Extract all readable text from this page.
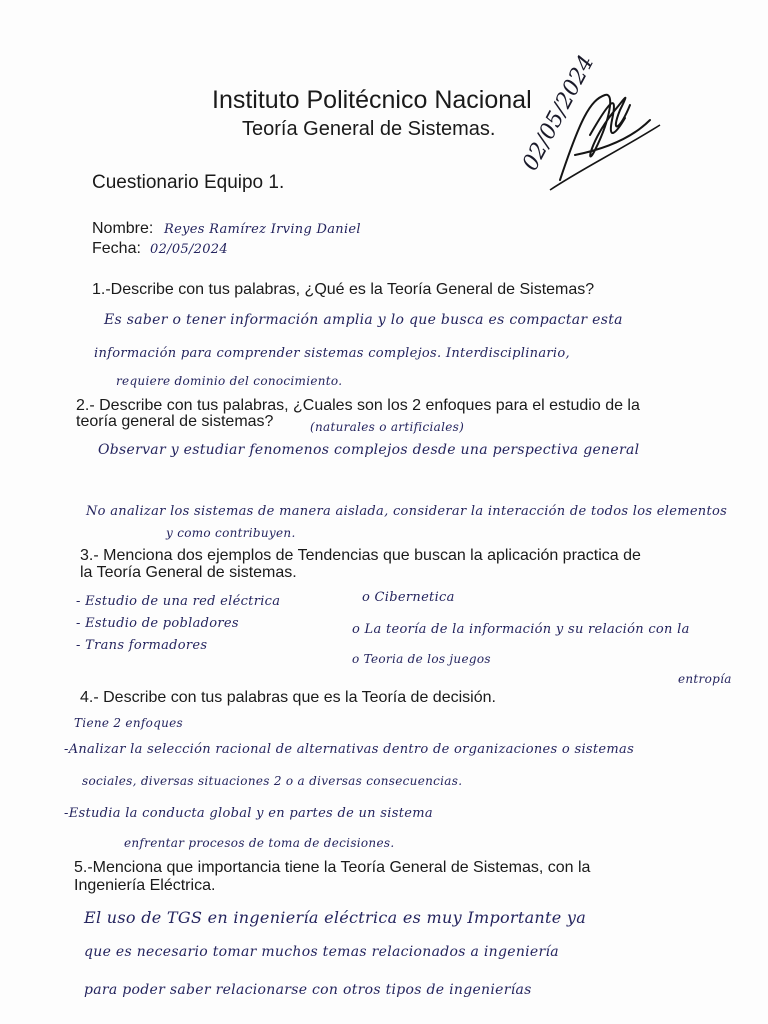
Instituto Politécnico Nacional
Teoría General de Sistemas.
Cuestionario Equipo 1.
02/05/2024
Nombre: Reyes Ramírez Irving Daniel
Fecha: 02/05/2024
1.-Describe con tus palabras, ¿Qué es la Teoría General de Sistemas?
Es saber o tener información amplia y lo que busca es compactar esta
información para comprender sistemas complejos. Interdisciplinario,
requiere dominio del conocimiento.
2.- Describe con tus palabras, ¿Cuales son los 2 enfoques para el estudio de la
teoría general de sistemas?	(naturales o artificiales)
Observar y estudiar fenomenos complejos desde una perspectiva general
No analizar los sistemas de manera aislada, considerar la interacción de todos los elementos
y como contribuyen.
3.- Menciona dos ejemplos de Tendencias que buscan la aplicación practica de
la Teoría General de sistemas.
- Estudio de una red eléctrica
- Estudio de pobladores
- Trans formadores
o Cibernetica
o La teoría de la información y su relación con la
entropía
o Teoria de los juegos
4.- Describe con tus palabras que es la Teoría de decisión.
Tiene 2 enfoques
-Analizar la selección racional de alternativas dentro de organizaciones o sistemas
sociales, diversas situaciones 2 o a diversas consecuencias.
-Estudia la conducta global y en partes de un sistema
enfrentar procesos de toma de decisiones.
5.-Menciona que importancia tiene la Teoría General de Sistemas, con la
Ingeniería Eléctrica.
El uso de TGS en ingeniería eléctrica es muy Importante ya
que es necesario tomar muchos temas relacionados a ingeniería
para poder saber relacionarse con otros tipos de ingenierías
